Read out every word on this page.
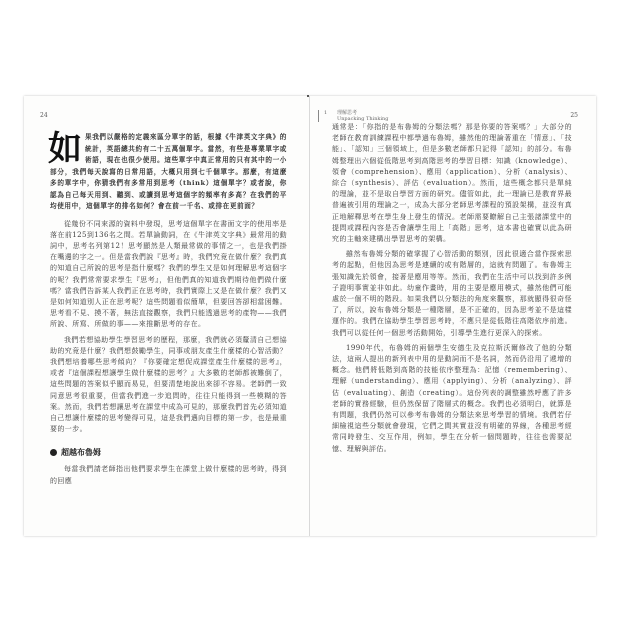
24
如 果我們以嚴格的定義來區分單字的話，根據《牛津英文字典》的統計，英語總共約有二十五萬個單字。當然，有些是專業單字或術語，現在也很少使用。這些單字中真正常用的只有其中的一小部分，我們每天說寫的日常用語，大概只用到七千個單字。那麼，有這麼多的單字中，你猜我們有多常用到思考（think）這個單字？或者說，你認為自己每天用到、聽到、或讀到思考這個字的頻率有多高？在我們的平均使用中，這個單字的排名如何？會在前一千名、或排在更前面？

從幾份不同來源的資料中發現，思考這個單字在書面文字的使用率是落在前125到136名之間。若單論動詞，在《牛津英文字典》最常用的動詞中，思考名列第12！思考顯然是人類最常做的事情之一，也是我們掛在嘴邊的字之一。但是當我們說『思考』時，我們究竟在做什麼？我們真的知道自己所說的思考是指什麼嗎？我們的學生又是如何理解思考這個字的呢？我們常常要求學生『思考』，但他們真的知道我們期待他們做什麼嗎？當我們告訴某人我們正在思考時，我們實際上又是在做什麼？我們又是如何知道別人正在思考呢？這些問題看似簡單，但要回答卻相當困難。思考看不見、摸不著，無法直接觀察，我們只能透過思考的產物——我們所說、所寫、所做的事——來推斷思考的存在。

我們若想協助學生學習思考的歷程，那麼，我們就必須釐清自己想協助的究竟是什麼？我們想鼓勵學生，同事或朋友產生什麼樣的心智活動？我們想培養哪些思考傾向？『你要確定想促成課堂產生什麼樣的思考』，或者『這個課程想讓學生做什麼樣的思考？』大多數的老師都被難倒了，這些問題的答案似乎顯而易見，但要清楚地說出來卻不容易。老師們一致同意思考很重要，但當我們進一步追問時，往往只能得到一些模糊的答案。然而，我們若想讓思考在課堂中成為可見的，那麼我們首先必須知道自己想讓什麼樣的思考變得可見，這是我們邁向目標的第一步，也是最重要的一步。

超越布魯姆

每當我們請老師指出他們要求學生在課堂上做什麼樣的思考時，得到的回應

1 理解思考
Unpacking Thinking	25

通常是：「你指的是布魯姆的分類法嗎？那是你要的答案嗎？」大部分的老師在教育訓練課程中都學過布魯姆，雖然他的理論著重在「情意」、「技能」、「認知」三個領域上，但是多數老師都只記得「認知」的部分。布魯姆整理出六個從低階思考到高階思考的學習目標：知識（knowledge）、領會（comprehension）、應用（application）、分析（analysis）、綜合（synthesis）、評估（evaluation）。然而，這些概念都只是單純的理論，並不是取自學習方面的研究。儘管如此，此一理論已是教育界最普遍被引用的理論之一，成為大部分老師思考課程的預設架構，並沒有真正地解釋思考在學生身上發生的情況。老師需要瞭解自己主張諸課堂中的提問或課程內容是否會讓學生用上「高階」思考，這本書也確實以此為研究的主軸來建構出學習思考的架構。

雖然布魯姆分類的確掌握了心智活動的類別，因此很適合當作探索思考的起點，但他因為思考是連續的或有階層的，這就有問題了。布魯姆主張知識先於領會，接著是應用等等。然而，我們在生活中可以找到許多例子證明事實並非如此。幼童作畫時，用的主要是應用模式，雖然他們可能處於一個不明的階段。如果我們以分類法的角度來觀察，那就顯得很奇怪了，所以，說布魯姆分類是一種階層，是不正確的，因為思考並不是這樣運作的。我們在協助學生學習思考時，不應只是從低階往高階依序前進。我們可以從任何一個思考活動開始，引導學生進行更深入的探索。

1990年代，布魯姆的兩個學生安德生及克拉斯沃爾修改了他的分類法，這兩人提出的新列表中用的是動詞而不是名詞，然而仍沿用了遞增的概念。他們將低階到高階的技能依序整理為：記憶（remembering）、理解（understanding）、應用（applying）、分析（analyzing）、評估（evaluating）、創造（creating）。這份列表的調整雖然呼應了許多老師的實務經驗，但仍然保留了階層式的概念。我們也必須明白，就算是有問題，我們仍然可以參考布魯姆的分類法來思考學習的情境。我們若仔細檢視這些分類就會發現，它們之間其實並沒有明確的界線，各種思考經常同時發生、交互作用，例如，學生在分析一個問題時，往往也需要記憶、理解與評估。
